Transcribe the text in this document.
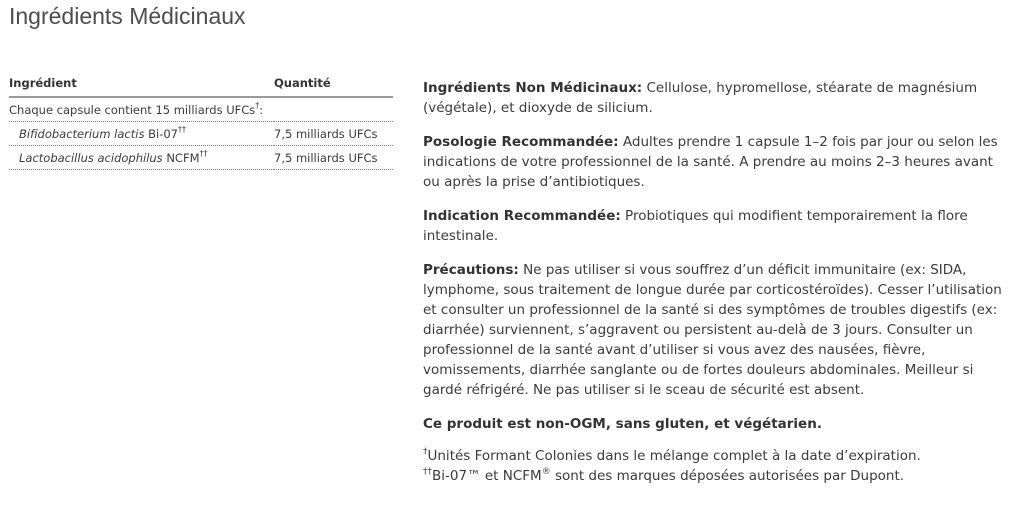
Ingrédients Médicinaux
Ingrédient	Quantité
Chaque capsule contient 15 milliards UFCs†:	
Bifidobacterium lactis Bi-07††	7,5 milliards UFCs
Lactobacillus acidophilus NCFM††	7,5 milliards UFCs

Ingrédients Non Médicinaux: Cellulose, hypromellose, stéarate de magnésium (végétale), et dioxyde de silicium.

Posologie Recommandée: Adultes prendre 1 capsule 1–2 fois par jour ou selon les indications de votre professionnel de la santé. A prendre au moins 2–3 heures avant ou après la prise d’antibiotiques.

Indication Recommandée: Probiotiques qui modifient temporairement la flore intestinale.

Précautions: Ne pas utiliser si vous souffrez d’un déficit immunitaire (ex: SIDA, lymphome, sous traitement de longue durée par corticostéroïdes). Cesser l’utilisation et consulter un professionnel de la santé si des symptômes de troubles digestifs (ex: diarrhée) surviennent, s’aggravent ou persistent au-delà de 3 jours. Consulter un professionnel de la santé avant d’utiliser si vous avez des nausées, fièvre, vomissements, diarrhée sanglante ou de fortes douleurs abdominales. Meilleur si gardé réfrigéré. Ne pas utiliser si le sceau de sécurité est absent.

Ce produit est non-OGM, sans gluten, et végétarien.

†Unités Formant Colonies dans le mélange complet à la date d’expiration.
††Bi-07™ et NCFM® sont des marques déposées autorisées par Dupont.
